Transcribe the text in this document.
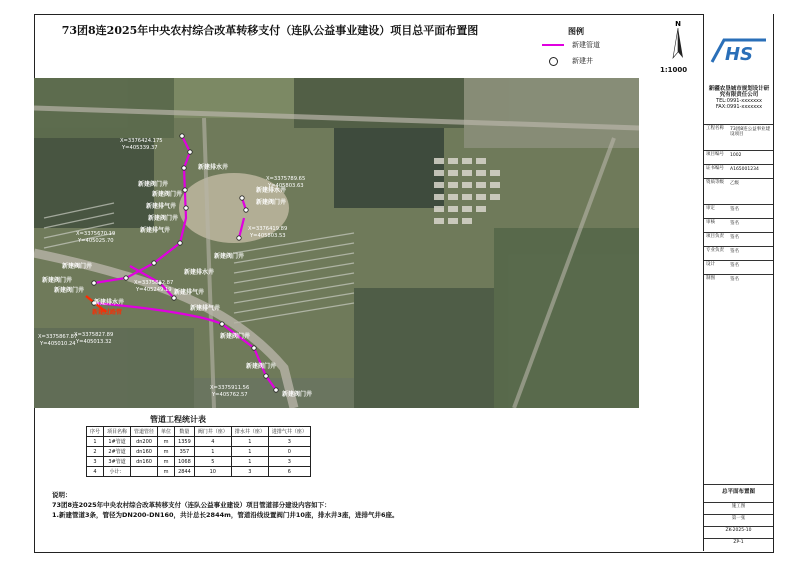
73团8连2025年中央农村综合改革转移支付（连队公益事业建设）项目总平面布置图	图例
新建管道
新建井
N
1:1000
X=3376424.175
Y=405339.37
X=3375789.65
Y=405803.63
X=3376419.89
Y=405803.53
X=3375670.19
Y=405025.70
X=3375892.87
Y=405249.19
X=3375867.87
Y=405010.24
X=3375827.89
Y=405013.32
X=3375911.56
Y=405762.57
新建阀门井
新建排水井
新建阀门井
新建排气井
新建阀门井
新建排气井
新建阀门井
新建排水井
新建排水井
新建阀门井
新建阀门井
新建阀门井
新建阀门井	新建排气井
新建排水井
新建排气井
新建阀门井
新建阀门井
新建阀门井
新建过路管
管道工程统计表
序号	项目名称	管道管径	单位	数量	阀门井（座）	排水井（座）	进排气井（座）
1	1#管道	dn200	m	1359	4	1	3
2	2#管道	dn160	m	357	1	1	0
3	3#管道	dn160	m	1068	5	1	3
4	小计：		m	2844	10	3	6
说明：
73团8连2025年中央农村综合改革转移支付（连队公益事业建设）项目管道部分建设内容如下：
1.新建管道3条，管径为DN200-DN160，共计总长2844m，管道沿线设置阀门井10座，排水井3座，进排气井6座。
HS
新疆农垦城市规划设计研究有限责任公司
TEL:0991-xxxxxxx FAX:0991-xxxxxxx
工程名称 73团8连公益事业建设项目
项目编号 1002
证书编号 A165001234
资质等级 乙级
审定	签名
审核	签名
项目负责 签名
专业负责 签名
设计	签名
制图	签名
总平面布置图
施工图
第一张
ZK-2025-10
ZP-1
